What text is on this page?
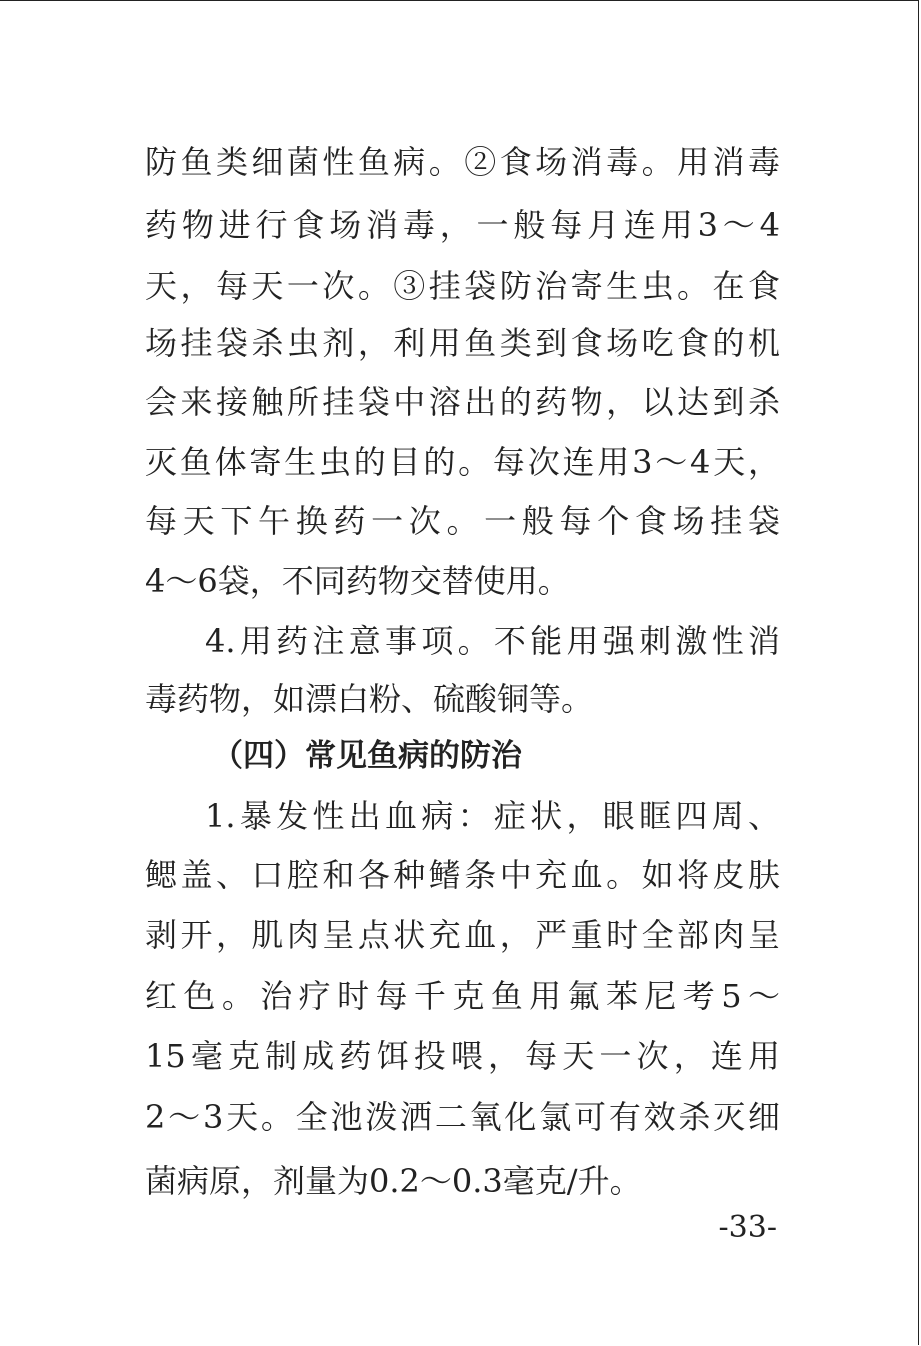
防鱼类细菌性鱼病。②食场消毒。用消毒
药物进行食场消毒，一般每月连用3～4
天，每天一次。③挂袋防治寄生虫。在食
场挂袋杀虫剂，利用鱼类到食场吃食的机
会来接触所挂袋中溶出的药物，以达到杀
灭鱼体寄生虫的目的。每次连用3～4天，
每天下午换药一次。一般每个食场挂袋
4～6袋，不同药物交替使用。
4.用药注意事项。不能用强刺激性消
毒药物，如漂白粉、硫酸铜等。
（四）常见鱼病的防治
1.暴发性出血病：症状，眼眶四周、
鳃盖、口腔和各种鳍条中充血。如将皮肤
剥开，肌肉呈点状充血，严重时全部肉呈
红色。治疗时每千克鱼用氟苯尼考5～
15毫克制成药饵投喂，每天一次，连用
2～3天。全池泼洒二氧化氯可有效杀灭细
菌病原，剂量为0.2～0.3毫克/升。
-33-
